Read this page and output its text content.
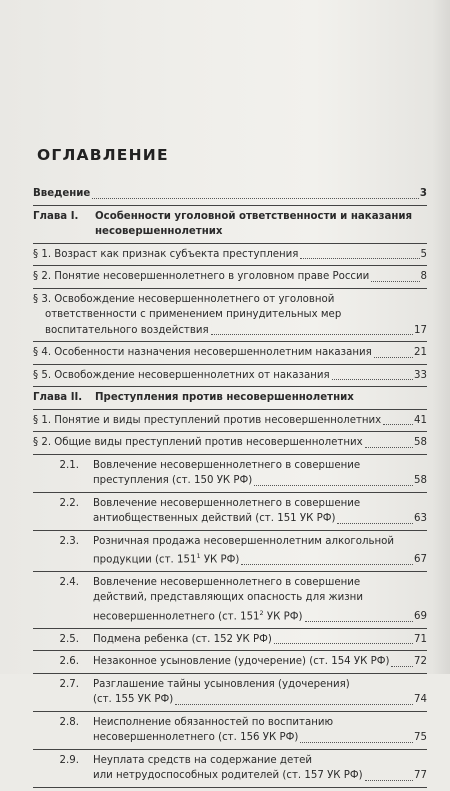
ОГЛАВЛЕНИЕ
Введение	3
Глава I.	Особенности уголовной ответственности и наказания
несовершеннолетних
§ 1. Возраст как признак субъекта преступления	5
§ 2. Понятие несовершеннолетнего в уголовном праве России	8
§ 3. Освобождение несовершеннолетнего от уголовной
ответственности с применением принудительных мер
воспитательного воздействия	17
§ 4. Особенности назначения несовершеннолетним наказания	21
§ 5. Освобождение несовершеннолетних от наказания	33
Глава II.	Преступления против несовершеннолетних
§ 1. Понятие и виды преступлений против несовершеннолетних	41
§ 2. Общие виды преступлений против несовершеннолетних	58
2.1.	Вовлечение несовершеннолетнего в совершение
преступления (ст. 150 УК РФ)	58
2.2.	Вовлечение несовершеннолетнего в совершение
антиобщественных действий (ст. 151 УК РФ)	63
2.3.	Розничная продажа несовершеннолетним алкогольной
продукции (ст. $151^1$ УК РФ)	67
2.4.	Вовлечение несовершеннолетнего в совершение
действий, представляющих опасность для жизни
несовершеннолетнего (ст. $151^2$ УК РФ)	69
2.5.	Подмена ребенка (ст. 152 УК РФ)	71
2.6.	Незаконное усыновление (удочерение) (ст. 154 УК РФ) 72
2.7.	Разглашение тайны усыновления (удочерения)
(ст. 155 УК РФ)	74
2.8.	Неисполнение обязанностей по воспитанию
несовершеннолетнего (ст. 156 УК РФ)	75
2.9.	Неуплата средств на содержание детей
или нетрудоспособных родителей (ст. 157 УК РФ)	77
